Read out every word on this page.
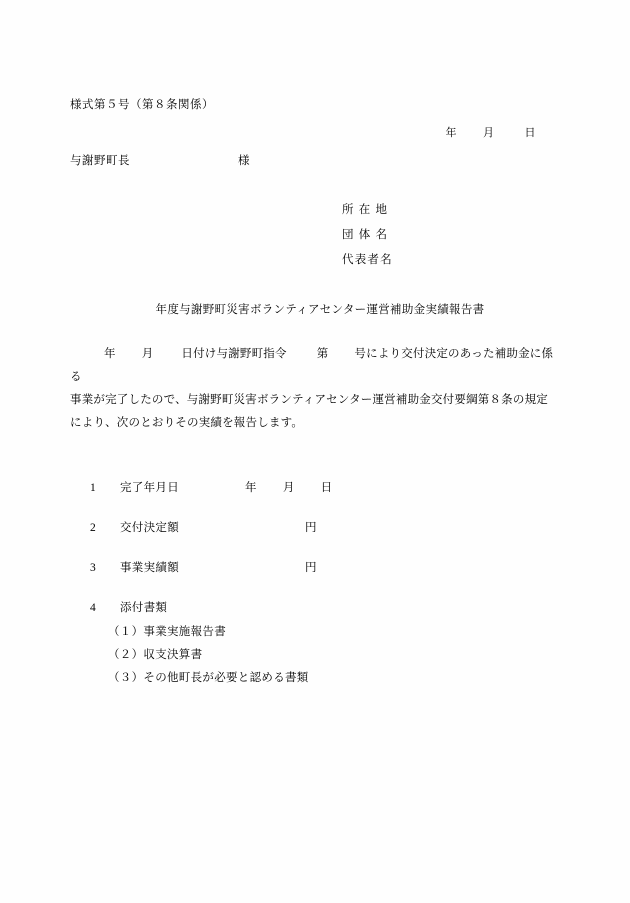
様式第５号（第８条関係）
年 月	日
与謝野町長	様
所 在 地
団 体 名
代表者名
年度与謝野町災害ボランティアセンター運営補助金実績報告書
年 月 日付け与謝野町指令	第 号により交付決定のあった補助金に係る
事業が完了したので、与謝野町災害ボランティアセンター運営補助金交付要綱第８条の規定
により、次のとおりその実績を報告します。
1 完了年月日	年 月 日
2 交付決定額	円
3 事業実績額	円
4 添付書類
（１）事業実施報告書
（２）収支決算書
（３）その他町長が必要と認める書類
